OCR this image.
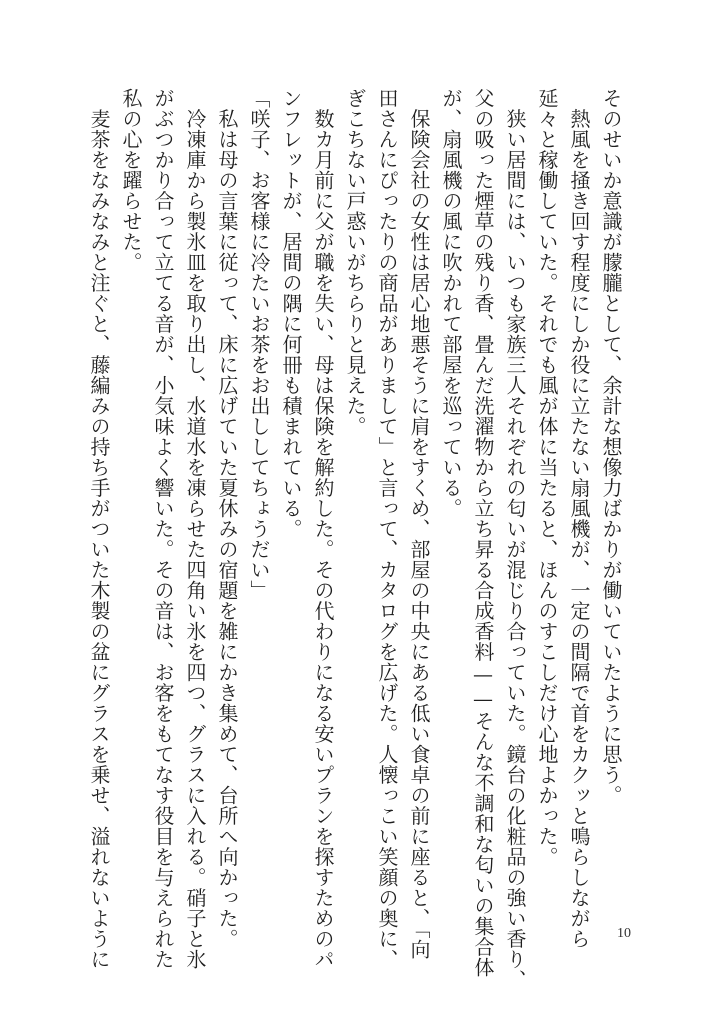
そのせいか意識が朦朧として、余計な想像力ばかりが働いていたように思う。

　熱風を掻き回す程度にしか役に立たない扇風機が、一定の間隔で首をカクッと鳴らしながら

延々と稼働していた。それでも風が体に当たると、ほんのすこしだけ心地よかった。

　狭い居間には、いつも家族三人それぞれの匂いが混じり合っていた。鏡台の化粧品の強い香り、

父の吸った煙草の残り香、畳んだ洗濯物から立ち昇る合成香料——そんな不調和な匂いの集合体

が、扇風機の風に吹かれて部屋を巡っている。

　保険会社の女性は居心地悪そうに肩をすくめ、部屋の中央にある低い食卓の前に座ると、「向

田さんにぴったりの商品がありまして」と言って、カタログを広げた。人懐っこい笑顔の奥に、

ぎこちない戸惑いがちらりと見えた。

　数カ月前に父が職を失い、母は保険を解約した。その代わりになる安いプランを探すためのパ

ンフレットが、居間の隅に何冊も積まれている。

「咲子、お客様に冷たいお茶をお出ししてちょうだい」

　私は母の言葉に従って、床に広げていた夏休みの宿題を雑にかき集めて、台所へ向かった。

　冷凍庫から製氷皿を取り出し、水道水を凍らせた四角い氷を四つ、グラスに入れる。硝子と氷

がぶつかり合って立てる音が、小気味よく響いた。その音は、お客をもてなす役目を与えられた

私の心を躍らせた。

　麦茶をなみなみと注ぐと、藤編みの持ち手がついた木製の盆にグラスを乗せ、溢れないように	10
